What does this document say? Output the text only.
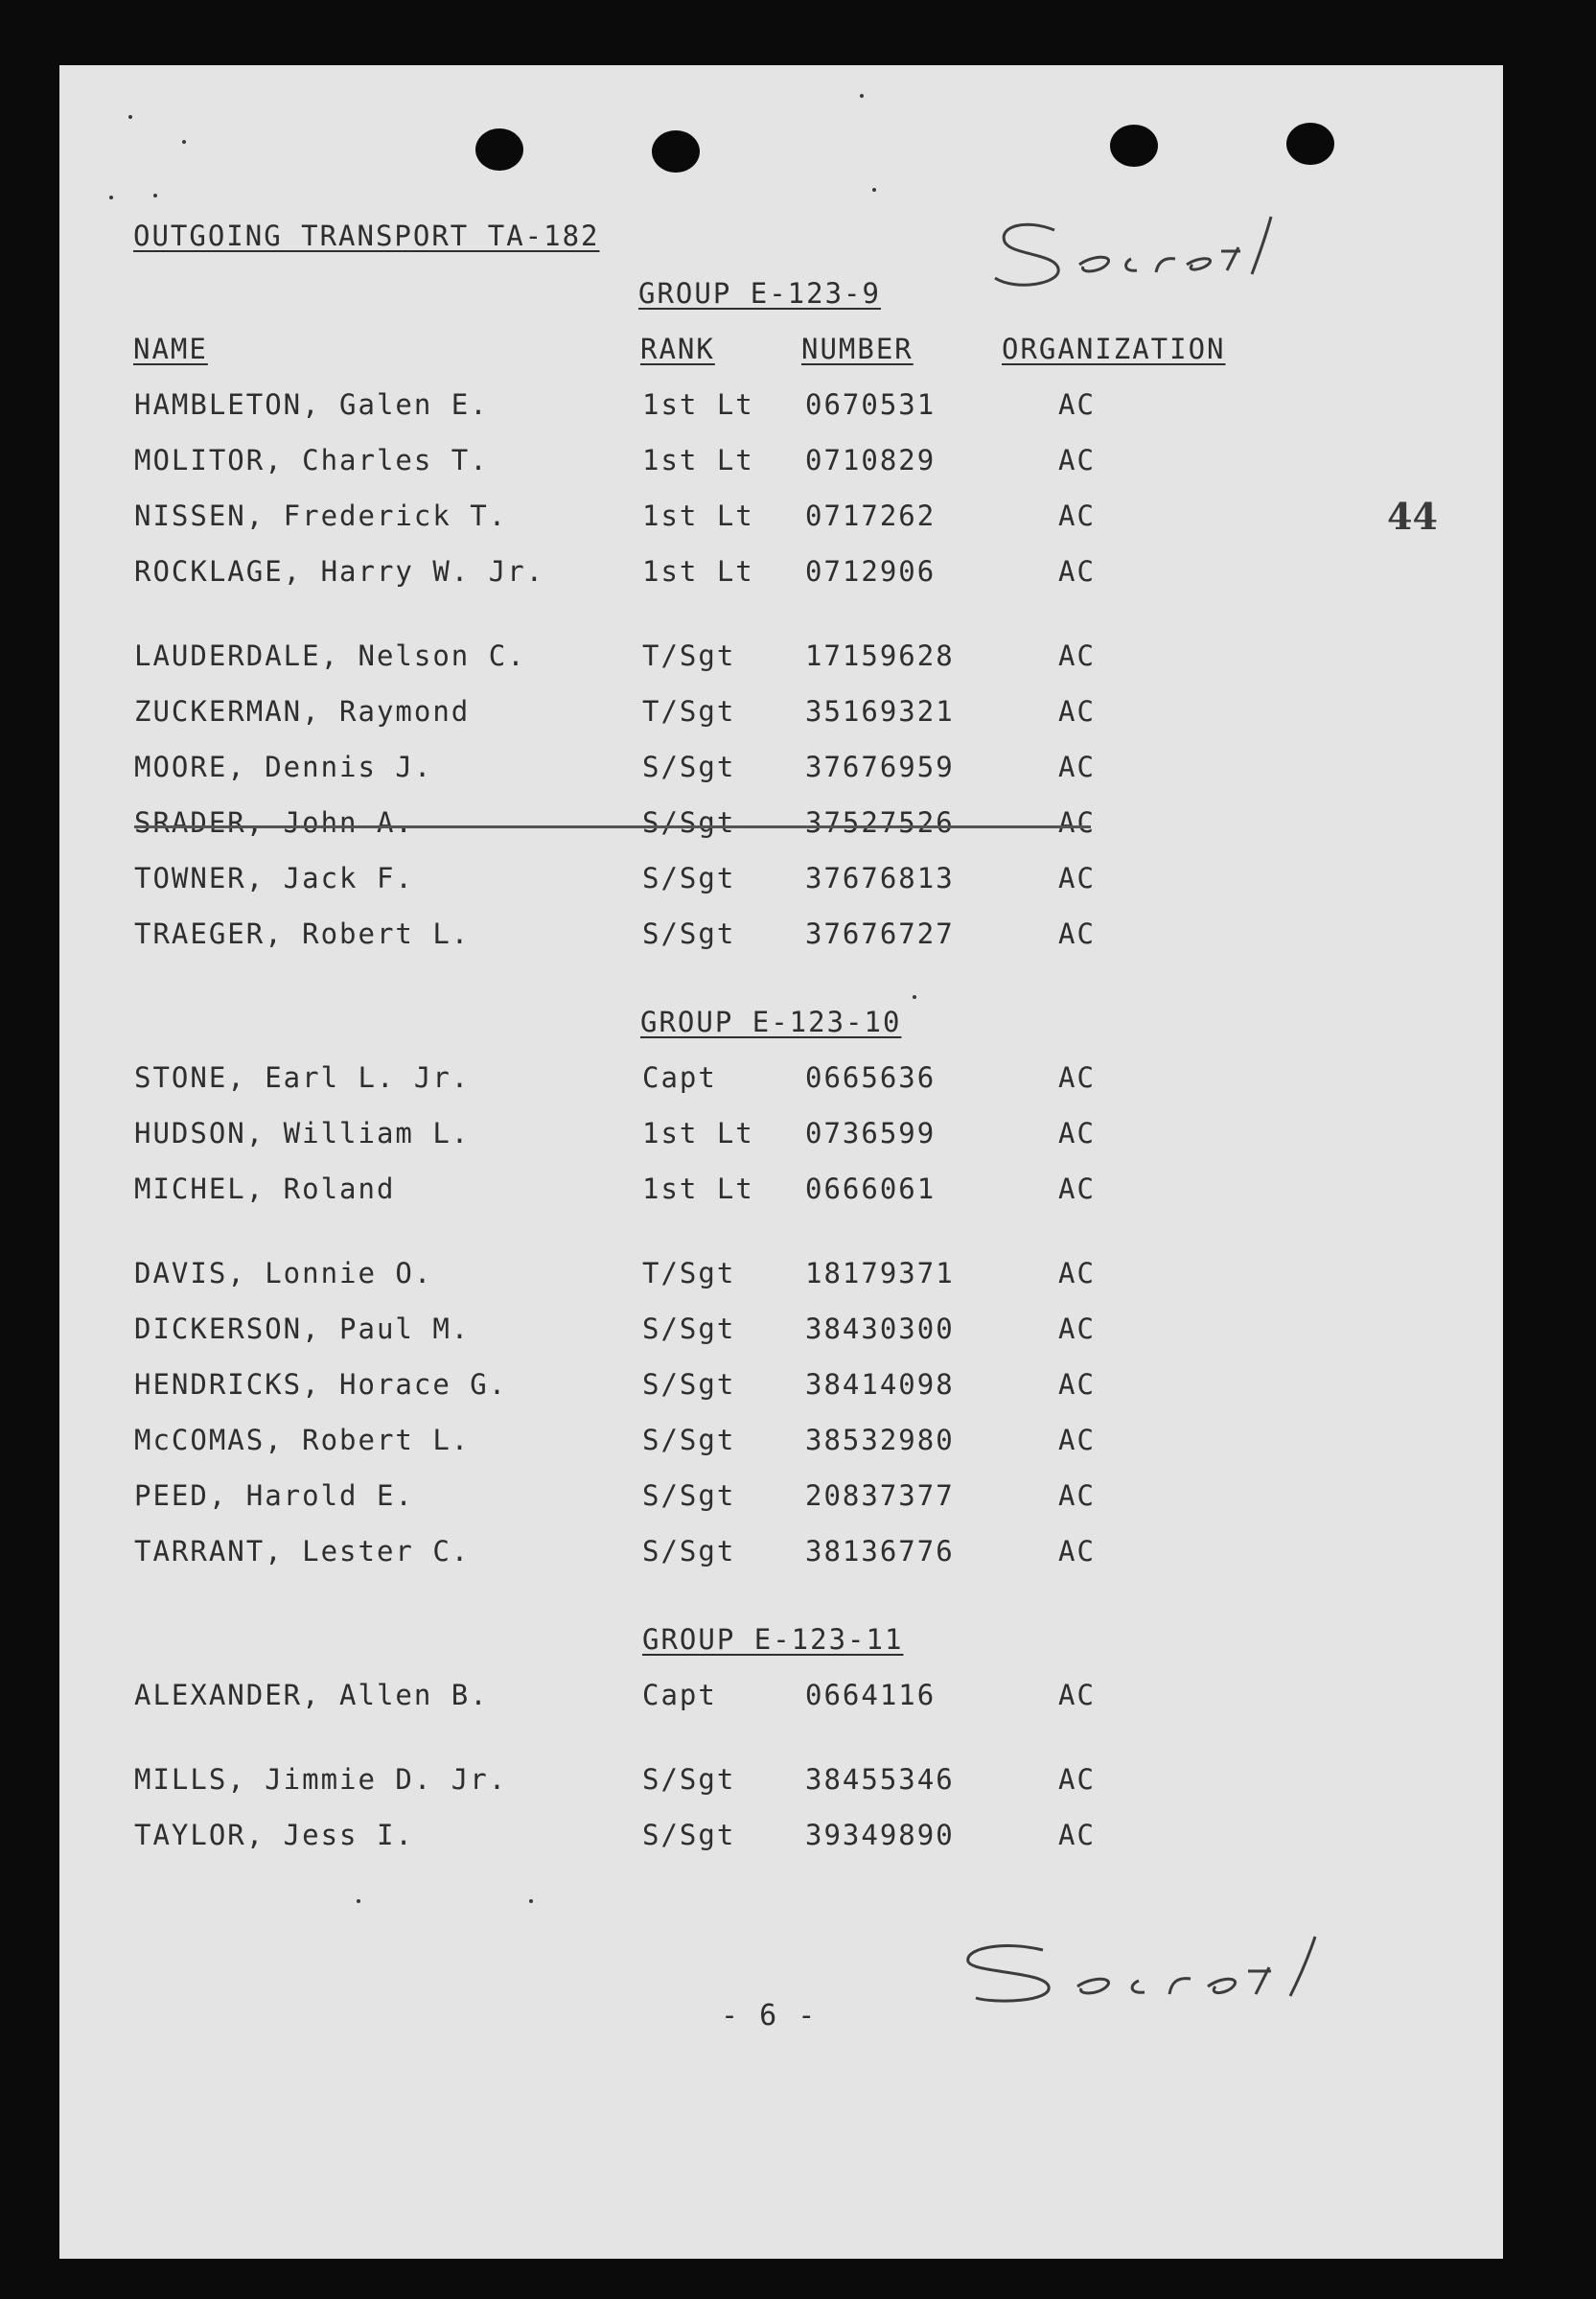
OUTGOING TRANSPORT TA-182
GROUP E-123-9
NAME	RANK	NUMBER	ORGANIZATION
HAMBLETON, Galen E.	1st Lt 0670531	AC
MOLITOR, Charles T.	1st Lt 0710829	AC
NISSEN, Frederick T.	1st Lt 0717262	AC
ROCKLAGE, Harry W. Jr.	1st Lt 0712906	AC
LAUDERDALE, Nelson C.	T/Sgt	17159628	AC
ZUCKERMAN, Raymond	T/Sgt	35169321	AC
MOORE, Dennis J.	S/Sgt	37676959	AC
SRADER, John A.	S/Sgt	37527526	AC
TOWNER, Jack F.	S/Sgt	37676813	AC
TRAEGER, Robert L.	S/Sgt	37676727	AC
GROUP E-123-10
STONE, Earl L. Jr.	Capt	0665636	AC
HUDSON, William L.	1st Lt 0736599	AC
MICHEL, Roland	1st Lt 0666061	AC
DAVIS, Lonnie O.	T/Sgt	18179371	AC
DICKERSON, Paul M.	S/Sgt	38430300	AC
HENDRICKS, Horace G.	S/Sgt	38414098	AC
McCOMAS, Robert L.	S/Sgt	38532980	AC
PEED, Harold E.	S/Sgt	20837377	AC
TARRANT, Lester C.	S/Sgt	38136776	AC
GROUP E-123-11
ALEXANDER, Allen B.	Capt	0664116	AC
MILLS, Jimmie D. Jr.	S/Sgt	38455346	AC
TAYLOR, Jess I.	S/Sgt	39349890	AC
- 6 -
44
